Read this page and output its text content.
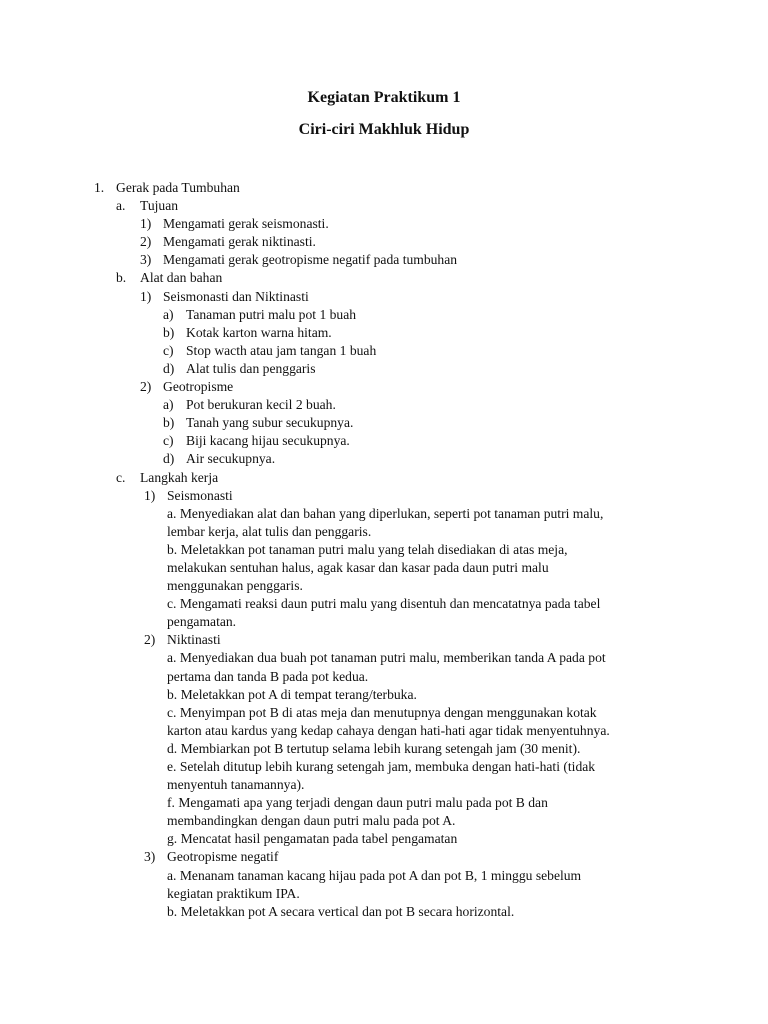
Kegiatan Praktikum 1
Ciri-ciri Makhluk Hidup
1. Gerak pada Tumbuhan
a. Tujuan
1) Mengamati gerak seismonasti.
2) Mengamati gerak niktinasti.
3) Mengamati gerak geotropisme negatif pada tumbuhan
b. Alat dan bahan
1) Seismonasti dan Niktinasti
a) Tanaman putri malu pot 1 buah
b) Kotak karton warna hitam.
c) Stop wacth atau jam tangan 1 buah
d) Alat tulis dan penggaris
2) Geotropisme
a) Pot berukuran kecil 2 buah.
b) Tanah yang subur secukupnya.
c) Biji kacang hijau secukupnya.
d) Air secukupnya.
c. Langkah kerja
1) Seismonasti
a. Menyediakan alat dan bahan yang diperlukan, seperti pot tanaman putri malu,
lembar kerja, alat tulis dan penggaris.
b. Meletakkan pot tanaman putri malu yang telah disediakan di atas meja,
melakukan sentuhan halus, agak kasar dan kasar pada daun putri malu
menggunakan penggaris.
c. Mengamati reaksi daun putri malu yang disentuh dan mencatatnya pada tabel
pengamatan.
2) Niktinasti
a. Menyediakan dua buah pot tanaman putri malu, memberikan tanda A pada pot
pertama dan tanda B pada pot kedua.
b. Meletakkan pot A di tempat terang/terbuka.
c. Menyimpan pot B di atas meja dan menutupnya dengan menggunakan kotak
karton atau kardus yang kedap cahaya dengan hati-hati agar tidak menyentuhnya.
d. Membiarkan pot B tertutup selama lebih kurang setengah jam (30 menit).
e. Setelah ditutup lebih kurang setengah jam, membuka dengan hati-hati (tidak
menyentuh tanamannya).
f. Mengamati apa yang terjadi dengan daun putri malu pada pot B dan
membandingkan dengan daun putri malu pada pot A.
g. Mencatat hasil pengamatan pada tabel pengamatan
3) Geotropisme negatif
a. Menanam tanaman kacang hijau pada pot A dan pot B, 1 minggu sebelum
kegiatan praktikum IPA.
b. Meletakkan pot A secara vertical dan pot B secara horizontal.
